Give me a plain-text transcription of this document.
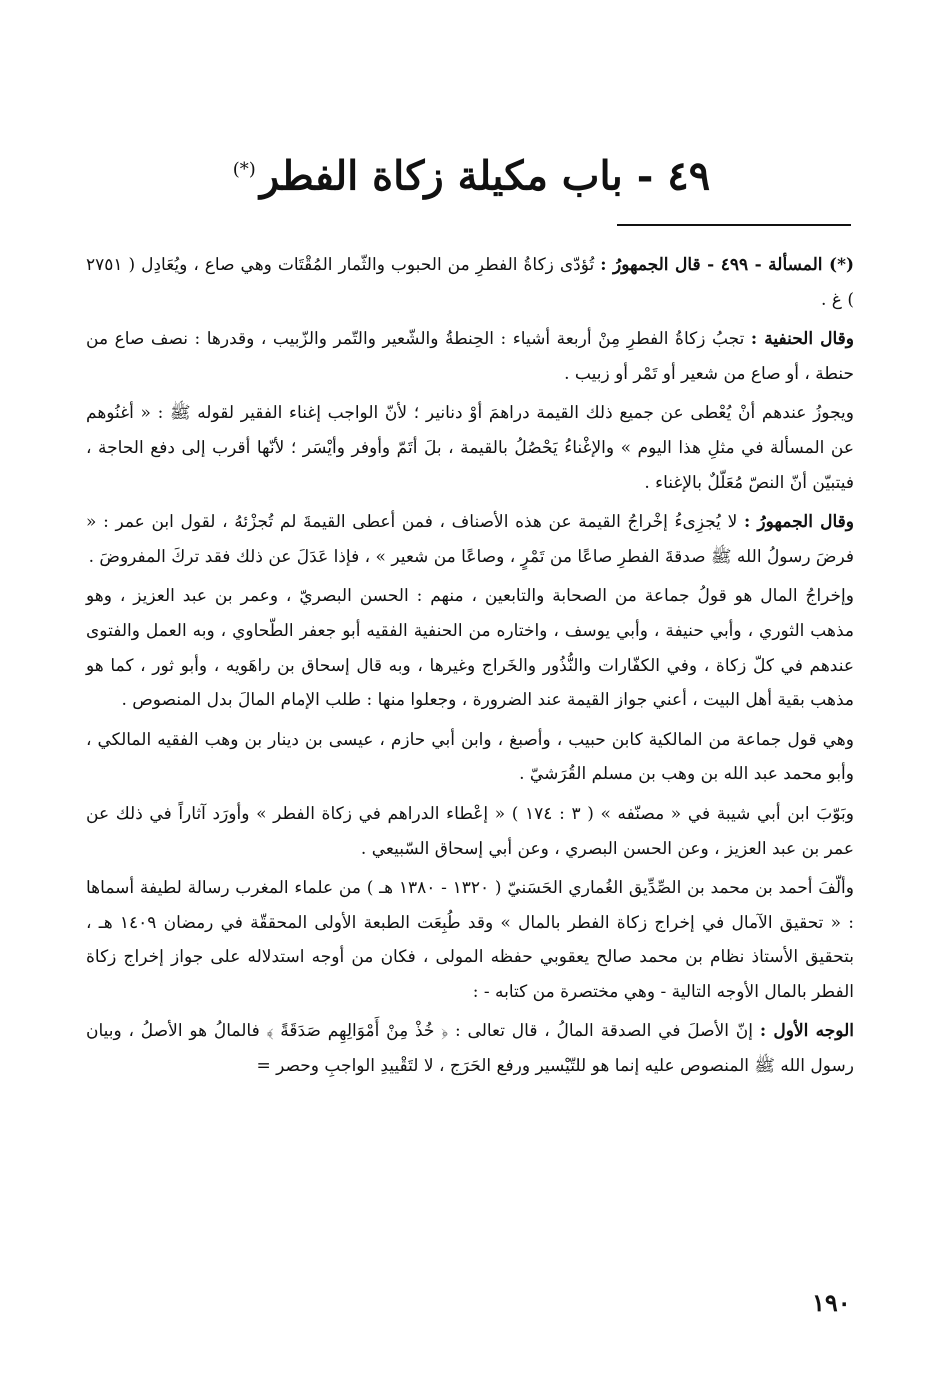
٤٩ - باب مكيلة زكاة الفطر(*)

(*) المسألة - ٤٩٩ - قال الجمهورُ : تُؤدّى زكاةُ الفطرِ من الحبوب والثّمار المُقْتَات وهي صاع ، ويُعَادِل ( ٢٧٥١ ) غ .

وقال الحنفية : تجبُ زكاةُ الفطرِ مِنْ أربعة أشياء : الحِنطةُ والشّعير والتّمر والزّبيب ، وقدرها : نصف صاع من حنطة ، أو صاع من شعير أو تَمْر أو زبيب .

ويجوزُ عندهم أنْ يُعْطى عن جميع ذلك القيمة دراهمَ أوْ دنانير ؛ لأنّ الواجب إغناء الفقير لقوله ﷺ : « أغنُوهم عن المسألة في مثلِ هذا اليوم » والإغْناءُ يَحْصُلُ بالقيمة ، بلَ أتَمّ وأوفر وأيْسَر ؛ لأنّها أقرب إلى دفع الحاجة ، فيتبيّن أنّ النصّ مُعَلّلٌ بالإغناء .

وقال الجمهورُ : لا يُجزِىءُ إخْراجُ القيمة عن هذه الأصناف ، فمن أعطى القيمةَ لم تُجزْئهُ ، لقول ابن عمر : « فرضَ رسولُ الله ﷺ صدقةَ الفطرِ صاعًا من تَمْرٍ ، وصاعًا من شعير » ، فإذا عَدَلَ عن ذلك فقد تركَ المفروضَ .

وإخراجُ المال هو قولُ جماعة من الصحابة والتابعين ، منهم : الحسن البصريّ ، وعمر بن عبد العزيز ، وهو مذهب الثوري ، وأبي حنيفة ، وأبي يوسف ، واختاره من الحنفية الفقيه أبو جعفر الطّحاوي ، وبه العمل والفتوى عندهم في كلّ زكاة ، وفي الكفّارات والنُّذُور والخَراج وغيرها ، وبه قال إسحاق بن راهَويه ، وأبو ثور ، كما هو مذهب بقية أهل البيت ، أعني جواز القيمة عند الضرورة ، وجعلوا منها : طلب الإمام المالَ بدل المنصوص .

وهي قول جماعة من المالكية كابن حبيب ، وأصبغ ، وابن أبي حازم ، عيسى بن دينار بن وهب الفقيه المالكي ، وأبو محمد عبد الله بن وهب بن مسلم القُرَشيّ .

وبَوّبَ ابن أبي شيبة في « مصنّفه » ( ٣ : ١٧٤ ) « إعْطاء الدراهم في زكاة الفطر » وأورَد آثاراً في ذلك عن عمر بن عبد العزيز ، وعن الحسن البصري ، وعن أبي إسحاق السّبيعي .

وألّفَ أحمد بن محمد بن الصِّدِّيق الغُماري الحَسَنيّ ( ١٣٢٠ - ١٣٨٠ هـ ) من علماء المغرب رسالة لطيفة أسماها : « تحقيق الآمال في إخراج زكاة الفطر بالمال » وقد طُبِعَت الطبعة الأولى المحققّة في رمضان ١٤٠٩ هـ ، بتحقيق الأستاذ نظام بن محمد صالح يعقوبي حفظه المولى ، فكان من أوجه استدلاله على جواز إخراج زكاة الفطر بالمال الأوجه التالية - وهي مختصرة من كتابه - :

الوجه الأول : إنّ الأصلَ في الصدقة المالُ ، قال تعالى : ﴿ خُذْ مِنْ أَمْوَالِهِم صَدَقَةً ﴾ فالمالُ هو الأصلُ ، وبيان رسول الله ﷺ المنصوص عليه إنما هو للتّيْسير ورفع الحَرَج ، لا لتَقْييدِ الواجبِ وحصر =

١٩٠
